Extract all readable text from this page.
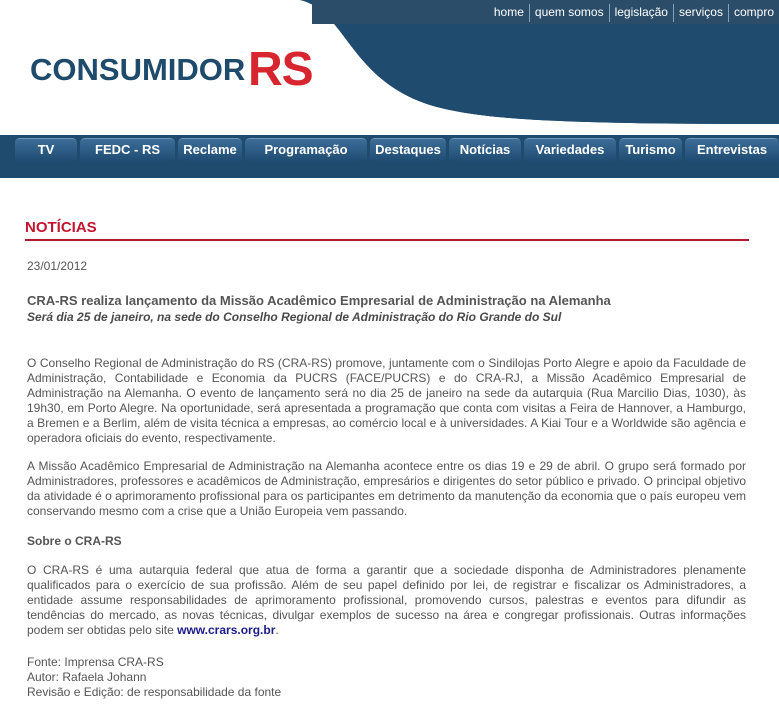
home quem somos legislação serviços compro
CONSUMIDOR RS
TV	FEDC - RS	Reclame	Programação	Destaques	Notícias	Variedades	Turismo	Entrevistas
NOTÍCIAS
23/01/2012
CRA-RS realiza lançamento da Missão Acadêmico Empresarial de Administração na Alemanha
Será dia 25 de janeiro, na sede do Conselho Regional de Administração do Rio Grande do Sul
O Conselho Regional de Administração do RS (CRA-RS) promove, juntamente com o Sindilojas Porto Alegre e apoio da Faculdade de Administração, Contabilidade e Economia da PUCRS (FACE/PUCRS) e do CRA-RJ, a Missão Acadêmico Empresarial de Administração na Alemanha. O evento de lançamento será no dia 25 de janeiro na sede da autarquia (Rua Marcilio Dias, 1030), às 19h30, em Porto Alegre. Na oportunidade, será apresentada a programação que conta com visitas a Feira de Hannover, a Hamburgo, a Bremen e a Berlim, além de visita técnica a empresas, ao comércio local e à universidades. A Kiai Tour e a Worldwide são agência e operadora oficiais do evento, respectivamente.
A Missão Acadêmico Empresarial de Administração na Alemanha acontece entre os dias 19 e 29 de abril. O grupo será formado por Administradores, professores e acadêmicos de Administração, empresários e dirigentes do setor público e privado. O principal objetivo da atividade é o aprimoramento profissional para os participantes em detrimento da manutenção da economia que o país europeu vem conservando mesmo com a crise que a União Europeia vem passando.
Sobre o CRA-RS
O CRA-RS é uma autarquia federal que atua de forma a garantir que a sociedade disponha de Administradores plenamente qualificados para o exercício de sua profissão. Além de seu papel definido por lei, de registrar e fiscalizar os Administradores, a entidade assume responsabilidades de aprimoramento profissional, promovendo cursos, palestras e eventos para difundir as tendências do mercado, as novas técnicas, divulgar exemplos de sucesso na área e congregar profissionais. Outras informações podem ser obtidas pelo site www.crars.org.br.
Fonte: Imprensa CRA-RS
Autor: Rafaela Johann
Revisão e Edição: de responsabilidade da fonte
